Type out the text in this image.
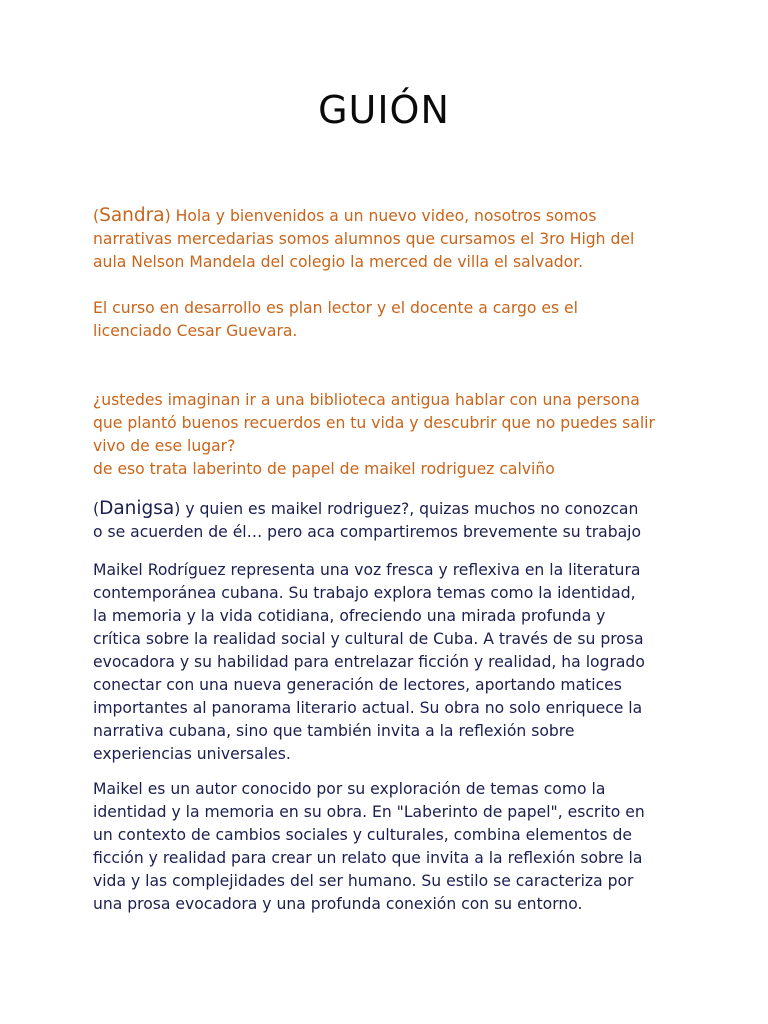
GUIÓN
(Sandra) Hola y bienvenidos a un nuevo video, nosotros somos
narrativas mercedarias somos alumnos que cursamos el 3ro High del
aula Nelson Mandela del colegio la merced de villa el salvador.
El curso en desarrollo es plan lector y el docente a cargo es el
licenciado Cesar Guevara.
¿ustedes imaginan ir a una biblioteca antigua hablar con una persona
que plantó buenos recuerdos en tu vida y descubrir que no puedes salir
vivo de ese lugar?
de eso trata laberinto de papel de maikel rodriguez calviño
(Danigsa) y quien es maikel rodriguez?, quizas muchos no conozcan
o se acuerden de él… pero aca compartiremos brevemente su trabajo
Maikel Rodríguez representa una voz fresca y reflexiva en la literatura
contemporánea cubana. Su trabajo explora temas como la identidad,
la memoria y la vida cotidiana, ofreciendo una mirada profunda y
crítica sobre la realidad social y cultural de Cuba. A través de su prosa
evocadora y su habilidad para entrelazar ficción y realidad, ha logrado
conectar con una nueva generación de lectores, aportando matices
importantes al panorama literario actual. Su obra no solo enriquece la
narrativa cubana, sino que también invita a la reflexión sobre
experiencias universales.
Maikel es un autor conocido por su exploración de temas como la
identidad y la memoria en su obra. En "Laberinto de papel", escrito en
un contexto de cambios sociales y culturales, combina elementos de
ficción y realidad para crear un relato que invita a la reflexión sobre la
vida y las complejidades del ser humano. Su estilo se caracteriza por
una prosa evocadora y una profunda conexión con su entorno.
